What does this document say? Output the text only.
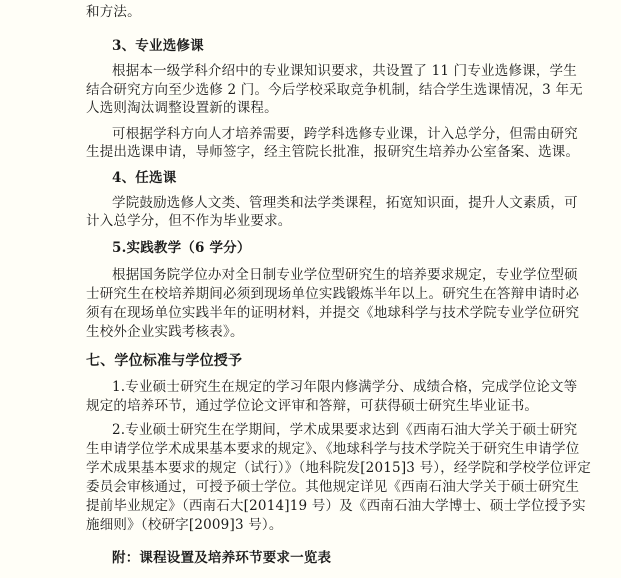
和方法。
3、专业选修课
根据本一级学科介绍中的专业课知识要求，共设置了 11 门专业选修课，学生
结合研究方向至少选修 2 门。今后学校采取竞争机制，结合学生选课情况，3 年无
人选则淘汰调整设置新的课程。
可根据学科方向人才培养需要，跨学科选修专业课，计入总学分，但需由研究
生提出选课申请，导师签字，经主管院长批准，报研究生培养办公室备案、选课。
4、任选课
学院鼓励选修人文类、管理类和法学类课程，拓宽知识面，提升人文素质，可
计入总学分，但不作为毕业要求。
5.实践教学（6 学分）
根据国务院学位办对全日制专业学位型研究生的培养要求规定，专业学位型硕
士研究生在校培养期间必须到现场单位实践锻炼半年以上。研究生在答辩申请时必
须有在现场单位实践半年的证明材料，并提交《地球科学与技术学院专业学位研究
生校外企业实践考核表》。
七、学位标准与学位授予
1.专业硕士研究生在规定的学习年限内修满学分、成绩合格，完成学位论文等
规定的培养环节，通过学位论文评审和答辩，可获得硕士研究生毕业证书。
2.专业硕士研究生在学期间，学术成果要求达到《西南石油大学关于硕士研究
生申请学位学术成果基本要求的规定》、《地球科学与技术学院关于研究生申请学位
学术成果基本要求的规定（试行）》（地科院发[2015]3 号），经学院和学校学位评定
委员会审核通过，可授予硕士学位。其他规定详见《西南石油大学关于硕士研究生
提前毕业规定》（西南石大[2014]19 号）及《西南石油大学博士、硕士学位授予实
施细则》（校研字[2009]3 号）。
附：课程设置及培养环节要求一览表
